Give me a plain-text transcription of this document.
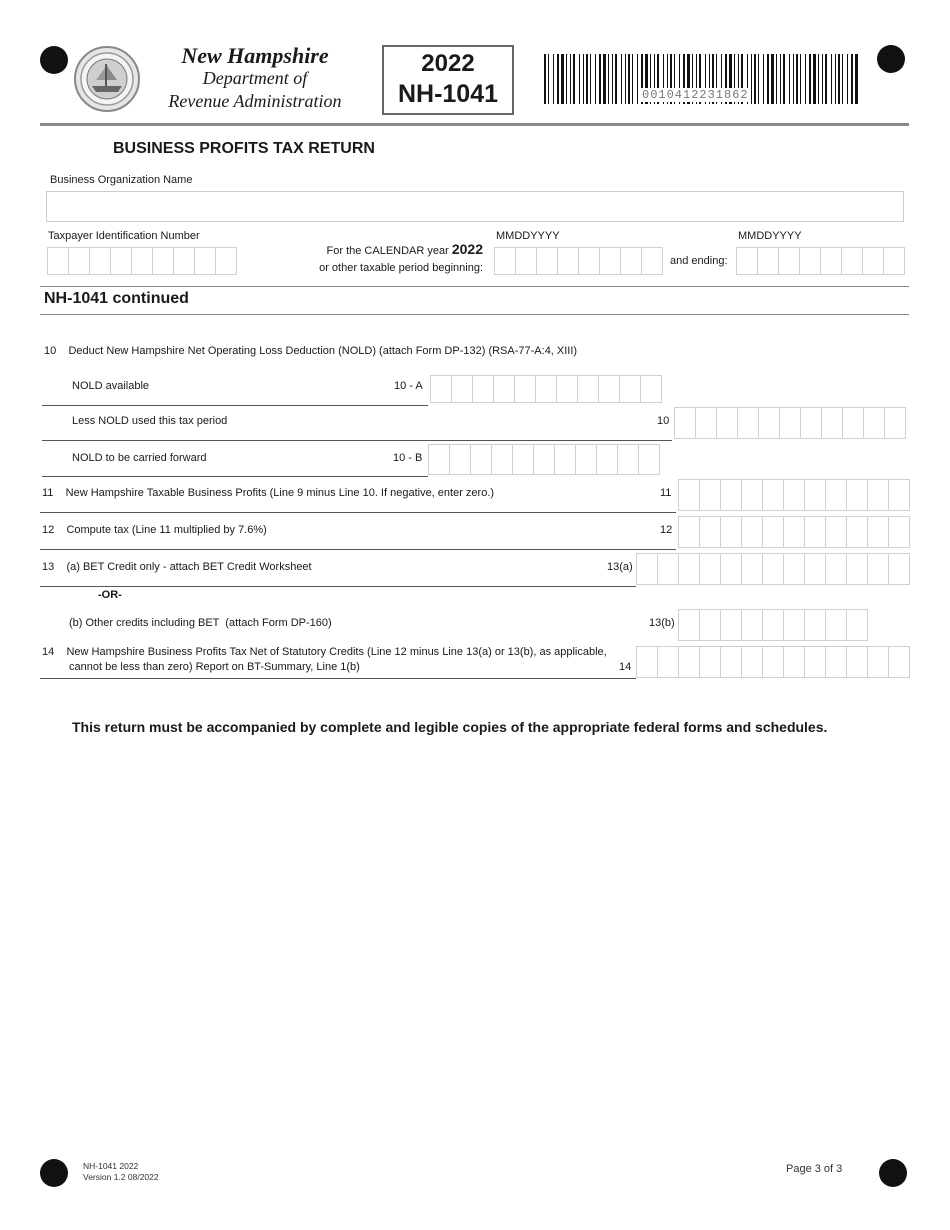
New Hampshire
Department of
Revenue Administration
2022
NH-1041	0010412231862
BUSINESS PROFITS TAX RETURN
Business Organization Name
Taxpayer Identification Number
For the CALENDAR year 2022
or other taxable period beginning:
MMDDYYYY
and ending:
MMDDYYYY
NH-1041 continued
10    Deduct New Hampshire Net Operating Loss Deduction (NOLD) (attach Form DP-132) (RSA-77-A:4, XIII)
NOLD available	10 - A
Less NOLD used this tax period	10
NOLD to be carried forward	10 - B
11    New Hampshire Taxable Business Profits (Line 9 minus Line 10. If negative, enter zero.)	11
12    Compute tax (Line 11 multiplied by 7.6%)	12
13    (a) BET Credit only - attach BET Credit Worksheet	13(a)
-OR-
(b) Other credits including BET  (attach Form DP-160)	13(b)
14    New Hampshire Business Profits Tax Net of Statutory Credits (Line 12 minus Line 13(a) or 13(b), as applicable,
cannot be less than zero) Report on BT-Summary, Line 1(b)	14
This return must be accompanied by complete and legible copies of the appropriate federal forms and schedules.
NH-1041 2022
Version 1.2 08/2022
Page 3 of 3
